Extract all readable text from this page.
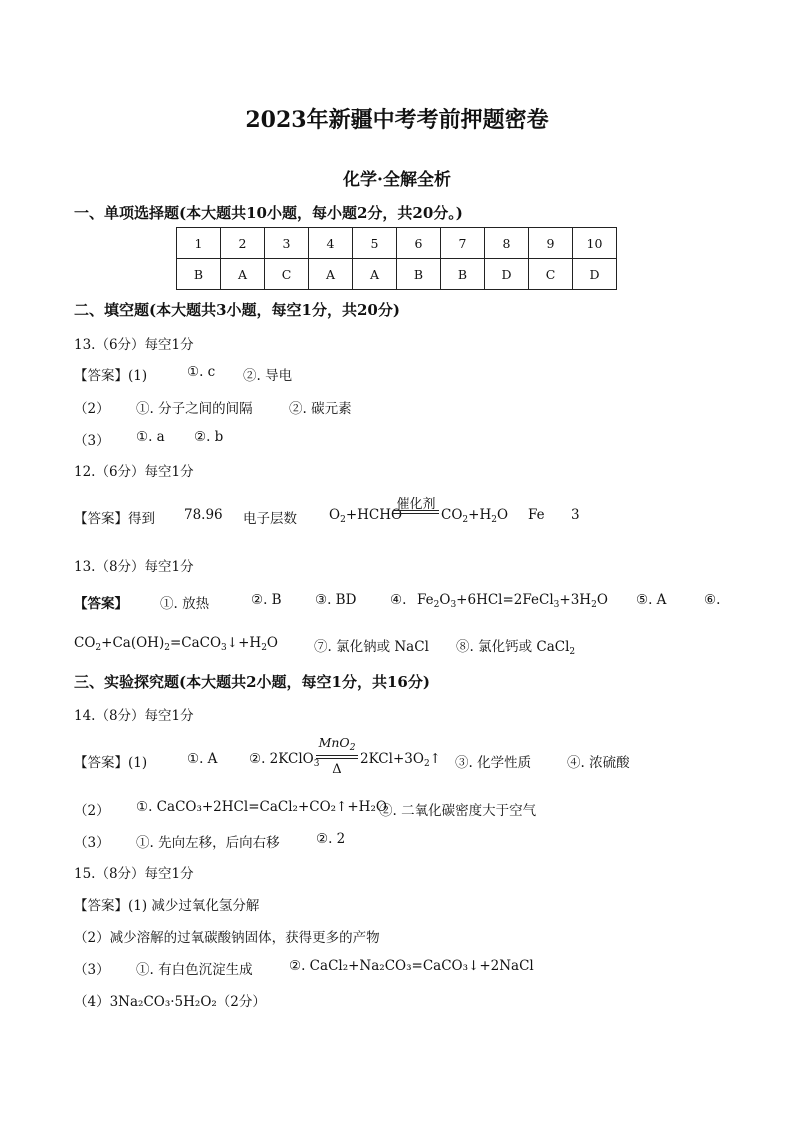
2023年新疆中考考前押题密卷
化学·全解全析
一、单项选择题(本大题共10小题，每小题2分，共20分。)
1	2	3	4	5	6	7	8	9	10
B	A	C	A	A	B	B	D	C	D
二、填空题(本大题共3小题，每空1分，共20分)
13.（6分）每空1分
【答案】(1)	①. c ②. 导电
（2） ①. 分子之间的间隔	②. 碳元素
（3） ①. a ②. b
12.（6分）每空1分
【答案】得到 78.96 电子层数 $O_2+HCHO$
催化剂
$CO_2+H_2O$ Fe 3
13.（8分）每空1分
【答案】 ①. 放热	②. B ③. BD ④. $Fe_2O_3+6HCl=2FeCl_3+3H_2O$ ⑤. A	⑥.
$CO_2+Ca(OH)_2=CaCO_3↓+H_2O$	⑦. 氯化钠或 NaCl ⑧. 氯化钙或 CaCl$_2$
三、实验探究题(本大题共2小题，每空1分，共16分)
14.（8分）每空1分
【答案】(1)	①. A ②. 2KClO$_3$
MnO$_2$
Δ
$2KCl+3O_2↑$ ③. 化学性质	④. 浓硫酸
（2） ①. CaCO₃+2HCl=CaCl₂+CO₂↑+H₂O
②. 二氧化碳密度大于空气
（3） ①. 先向左移，后向右移	②. 2
15.（8分）每空1分
【答案】(1) 减少过氧化氢分解
（2）减少溶解的过氧碳酸钠固体，获得更多的产物
（3） ①. 有白色沉淀生成	②. CaCl₂+Na₂CO₃=CaCO₃↓+2NaCl
（4）3Na₂CO₃·5H₂O₂（2分）
